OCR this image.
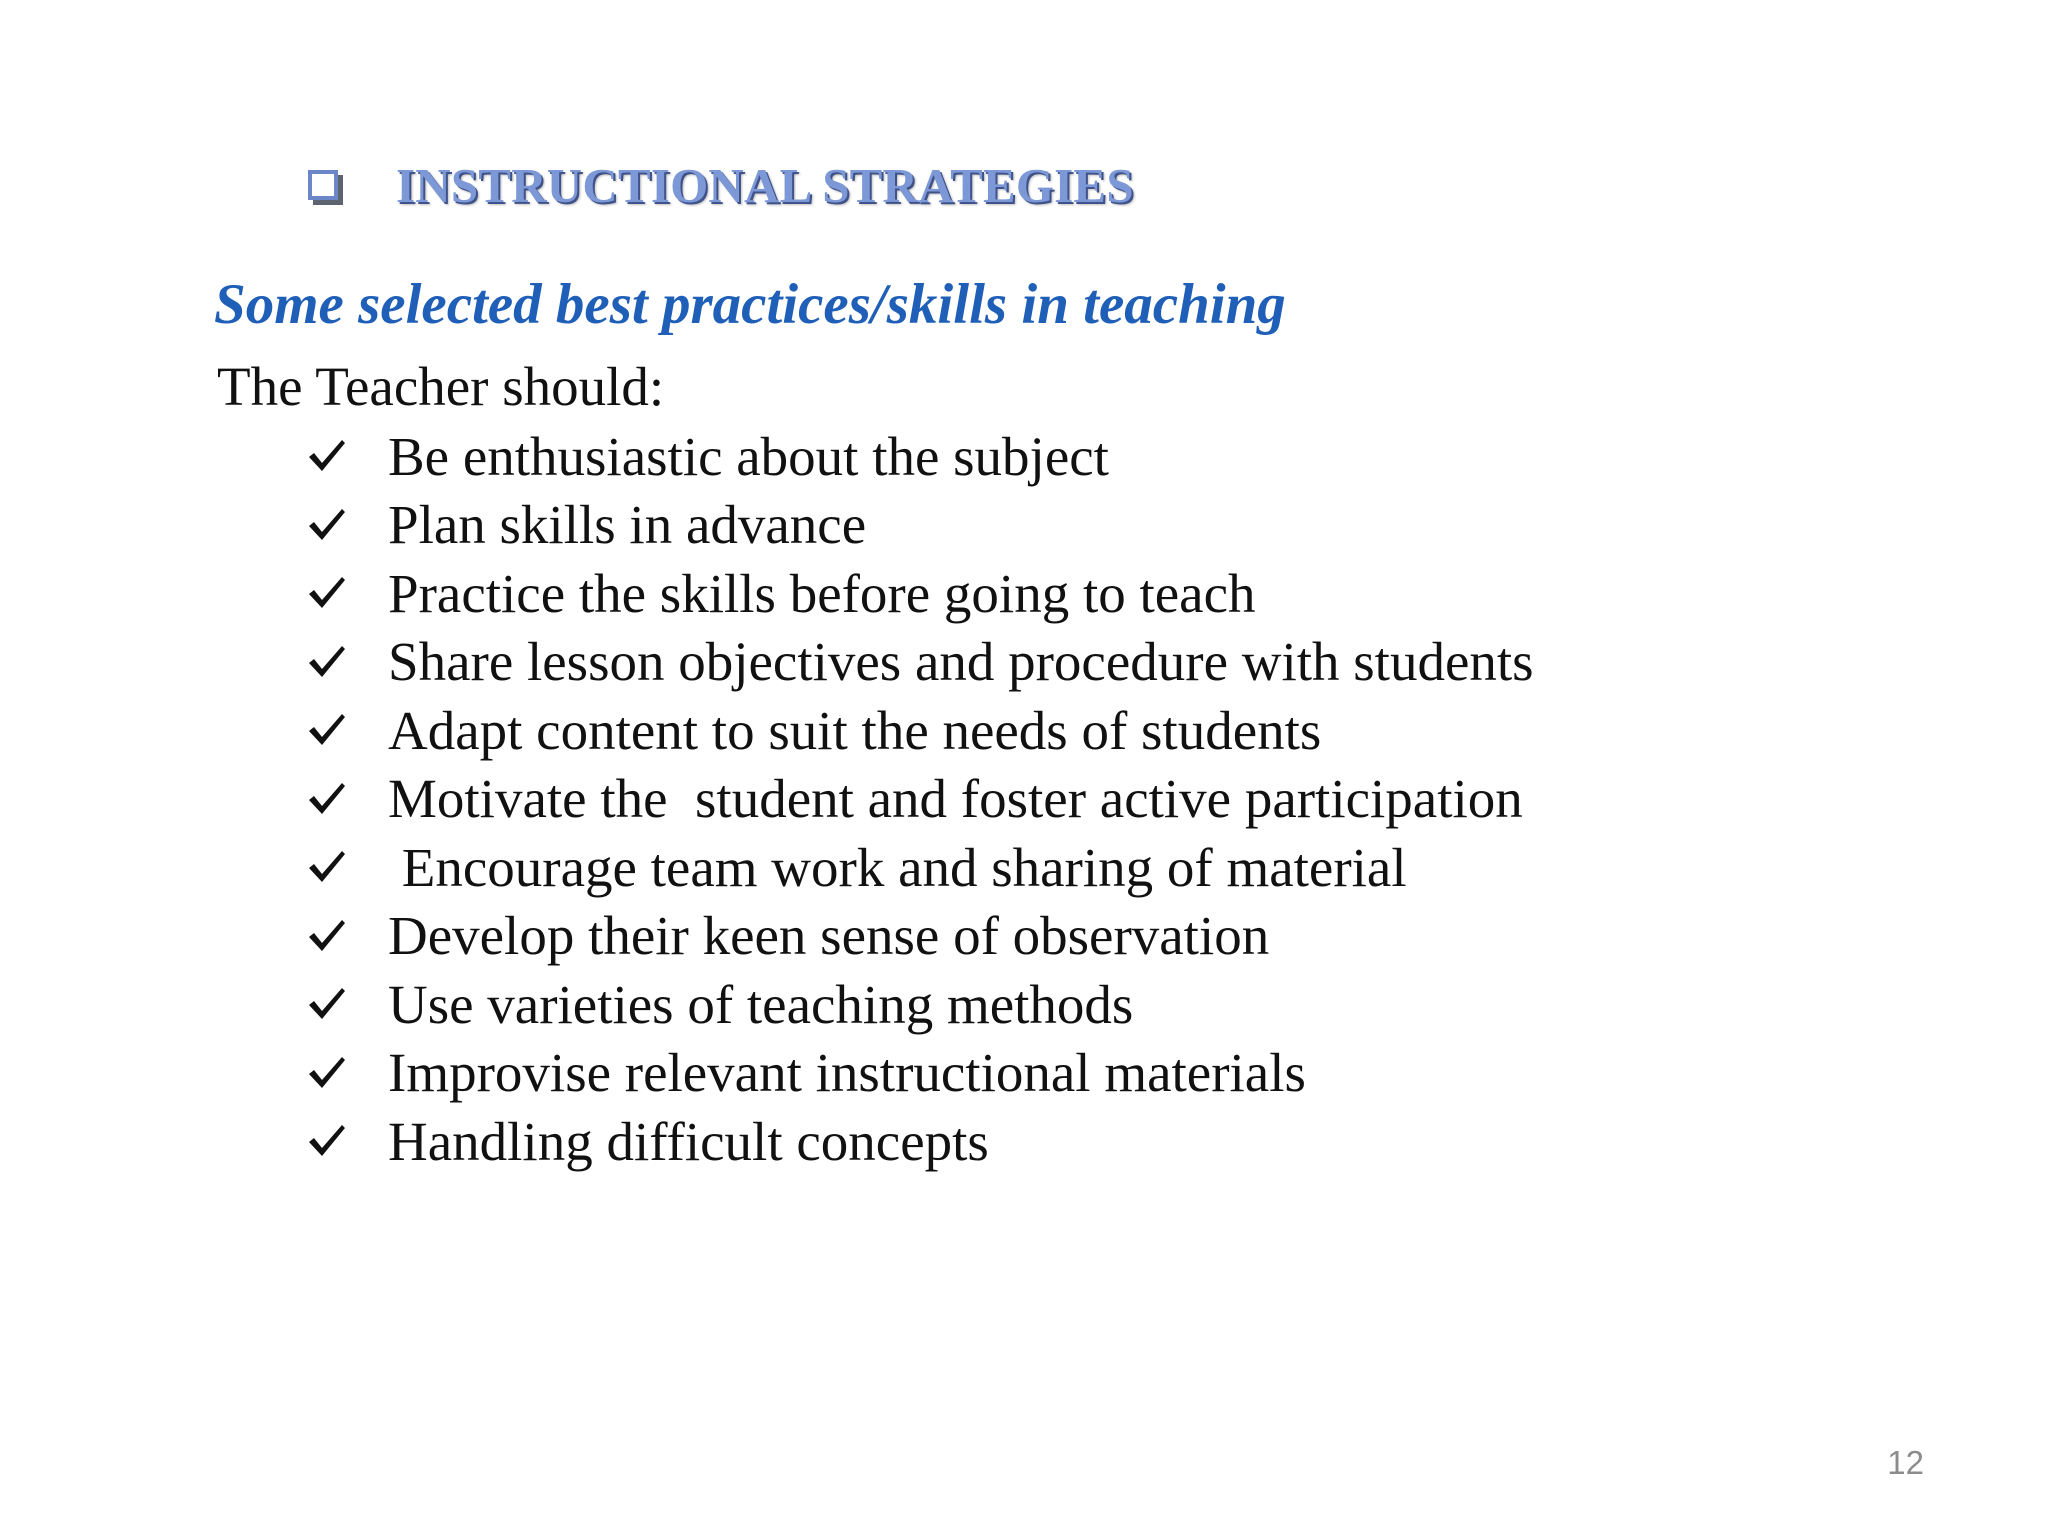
INSTRUCTIONAL STRATEGIES
Some selected best practices/skills in teaching
The Teacher should:
Be enthusiastic about the subject
Plan skills in advance
Practice the skills before going to teach
Share lesson objectives and procedure with students
Adapt content to suit the needs of students
Motivate the  student and foster active participation
Encourage team work and sharing of material
Develop their keen sense of observation
Use varieties of teaching methods
Improvise relevant instructional materials
Handling difficult concepts
12
